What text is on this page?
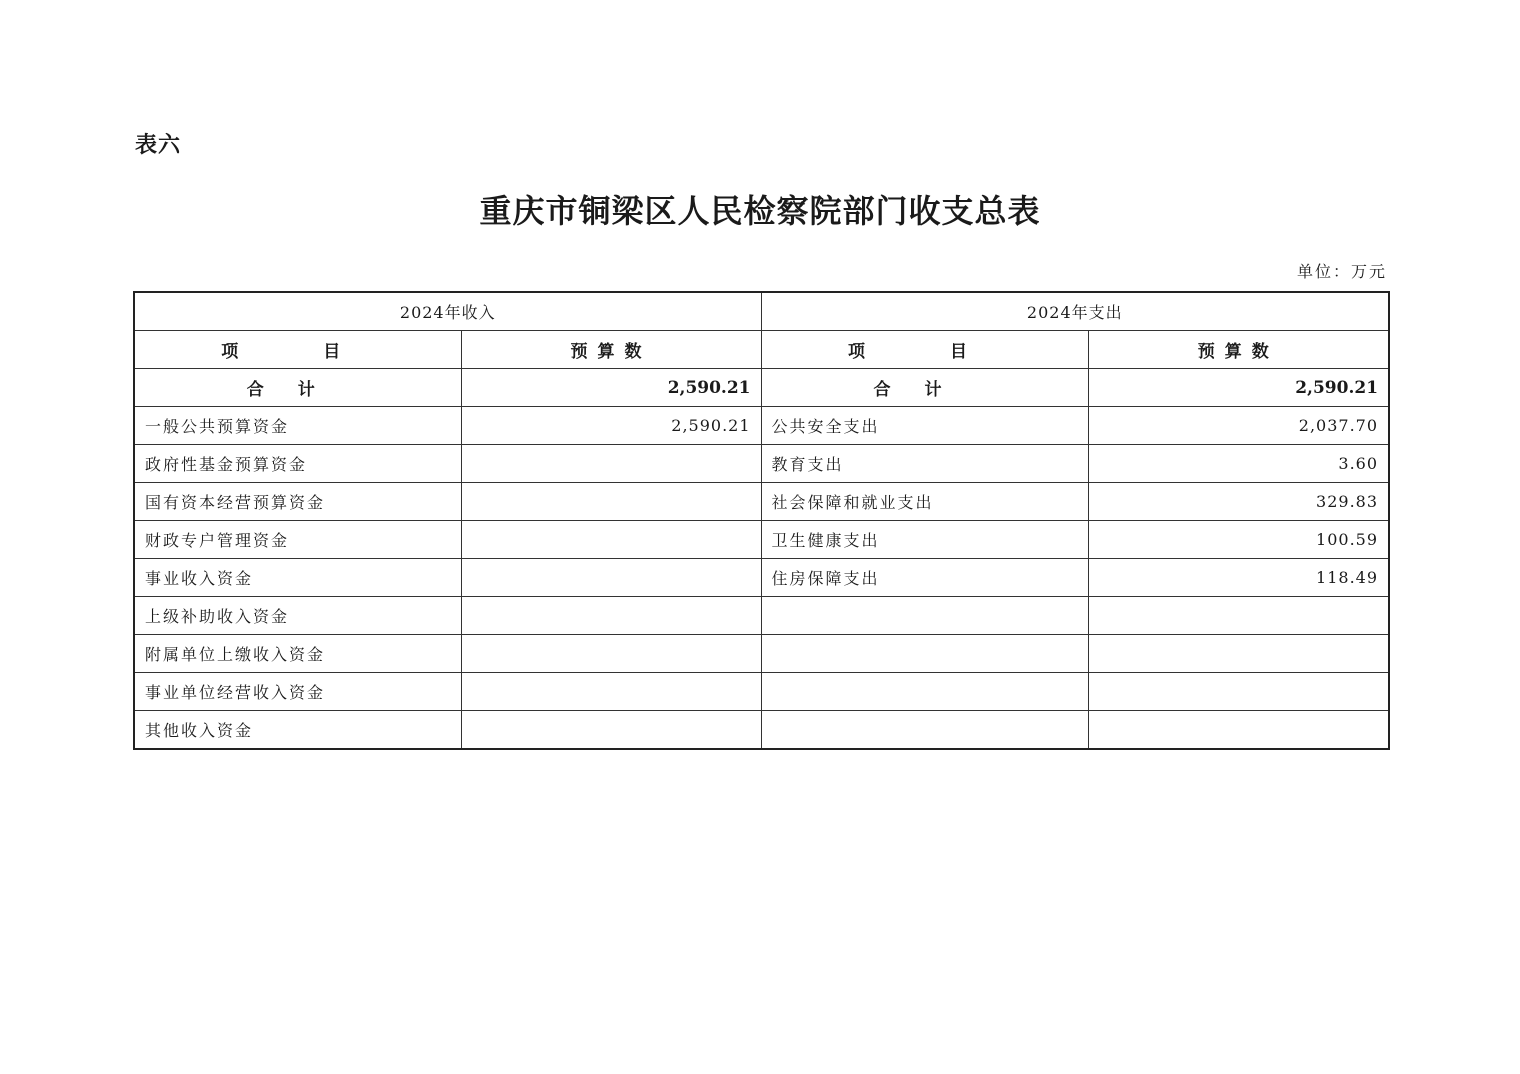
表六
重庆市铜梁区人民检察院部门收支总表
单位：万元
2024年收入		2024年支出	
项　目	预算数	项　目	预算数
合计	2,590.21	合计	2,590.21
一般公共预算资金	2,590.21	公共安全支出	2,037.70
政府性基金预算资金		教育支出	3.60
国有资本经营预算资金		社会保障和就业支出	329.83
财政专户管理资金		卫生健康支出	100.59
事业收入资金		住房保障支出	118.49
上级补助收入资金			
附属单位上缴收入资金			
事业单位经营收入资金			
其他收入资金			
